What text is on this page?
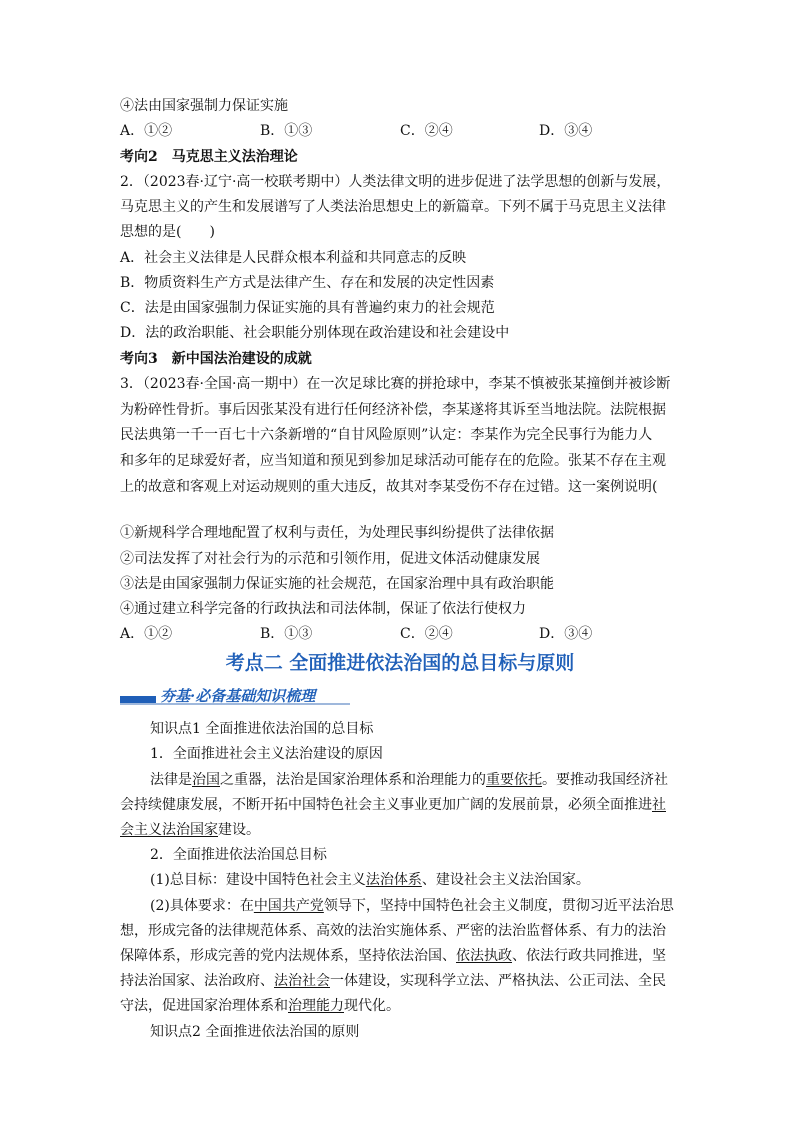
④法由国家强制力保证实施
A．①②	B．①③	C．②④	D．③④
考向2　马克思主义法治理论
2．（2023春·辽宁·高一校联考期中）人类法律文明的进步促进了法学思想的创新与发展，
马克思主义的产生和发展谱写了人类法治思想史上的新篇章。下列不属于马克思主义法律
思想的是(　　)
A．社会主义法律是人民群众根本利益和共同意志的反映
B．物质资料生产方式是法律产生、存在和发展的决定性因素
C．法是由国家强制力保证实施的具有普遍约束力的社会规范
D．法的政治职能、社会职能分别体现在政治建设和社会建设中
考向3　新中国法治建设的成就
3．（2023春·全国·高一期中）在一次足球比赛的拼抢球中，李某不慎被张某撞倒并被诊断
为粉碎性骨折。事后因张某没有进行任何经济补偿，李某遂将其诉至当地法院。法院根据
民法典第一千一百七十六条新增的“自甘风险原则”认定：李某作为完全民事行为能力人
和多年的足球爱好者，应当知道和预见到参加足球活动可能存在的危险。张某不存在主观
上的故意和客观上对运动规则的重大违反，故其对李某受伤不存在过错。这一案例说明(
①新规科学合理地配置了权利与责任，为处理民事纠纷提供了法律依据
②司法发挥了对社会行为的示范和引领作用，促进文体活动健康发展
③法是由国家强制力保证实施的社会规范，在国家治理中具有政治职能
④通过建立科学完备的行政执法和司法体制，保证了依法行使权力
A．①②	B．①③	C．②④	D．③④
考点二 全面推进依法治国的总目标与原则
夯基·必备基础知识梳理
知识点1 全面推进依法治国的总目标
1．全面推进社会主义法治建设的原因
法律是治国之重器，法治是国家治理体系和治理能力的重要依托。要推动我国经济社
会持续健康发展，不断开拓中国特色社会主义事业更加广阔的发展前景，必须全面推进社
会主义法治国家建设。
2．全面推进依法治国总目标
(1)总目标：建设中国特色社会主义法治体系、建设社会主义法治国家。
(2)具体要求：在中国共产党领导下，坚持中国特色社会主义制度，贯彻习近平法治思
想，形成完备的法律规范体系、高效的法治实施体系、严密的法治监督体系、有力的法治
保障体系，形成完善的党内法规体系，坚持依法治国、依法执政、依法行政共同推进，坚
持法治国家、法治政府、法治社会一体建设，实现科学立法、严格执法、公正司法、全民
守法，促进国家治理体系和治理能力现代化。
知识点2 全面推进依法治国的原则
